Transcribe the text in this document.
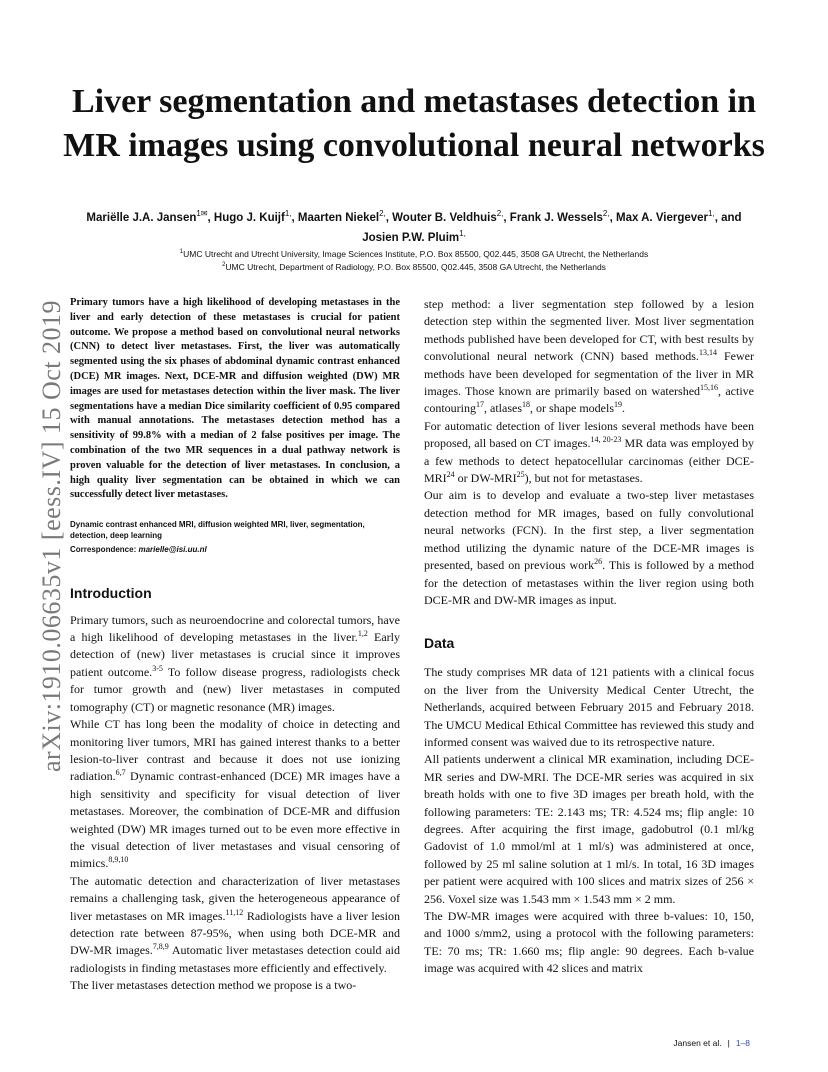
arXiv:1910.06635v1 [eess.IV] 15 Oct 2019
Liver segmentation and metastases detection in MR images using convolutional neural networks
Mariëlle J.A. Jansen$^{1✉}$, Hugo J. Kuijf$^{1,}$, Maarten Niekel$^{2,}$, Wouter B. Veldhuis$^{2,}$, Frank J. Wessels$^{2,}$, Max A. Viergever$^{1,}$, and
Josien P.W. Pluim$^{1,}$
$^1$UMC Utrecht and Utrecht University, Image Sciences Institute, P.O. Box 85500, Q02.445, 3508 GA Utrecht, the Netherlands
$^2$UMC Utrecht, Department of Radiology, P.O. Box 85500, Q02.445, 3508 GA Utrecht, the Netherlands

Primary tumors have a high likelihood of developing metastases in the liver and early detection of these metastases is crucial for patient outcome. We propose a method based on convolutional neural networks (CNN) to detect liver metastases. First, the liver was automatically segmented using the six phases of abdominal dynamic contrast enhanced (DCE) MR images. Next, DCE-MR and diffusion weighted (DW) MR images are used for metastases detection within the liver mask. The liver segmentations have a median Dice similarity coefficient of 0.95 compared with manual annotations. The metastases detection method has a sensitivity of 99.8% with a median of 2 false positives per image. The combination of the two MR sequences in a dual pathway network is proven valuable for the detection of liver metastases. In conclusion, a high quality liver segmentation can be obtained in which we can successfully detect liver metastases.

Dynamic contrast enhanced MRI, diffusion weighted MRI, liver, segmentation, detection, deep learning

Correspondence: marielle@isi.uu.nl

Introduction

Primary tumors, such as neuroendocrine and colorectal tumors, have a high likelihood of developing metastases in the liver.$^{1,2}$ Early detection of (new) liver metastases is crucial since it improves patient outcome.$^{3-5}$ To follow disease progress, radiologists check for tumor growth and (new) liver metastases in computed tomography (CT) or magnetic resonance (MR) images.

While CT has long been the modality of choice in detecting and monitoring liver tumors, MRI has gained interest thanks to a better lesion-to-liver contrast and because it does not use ionizing radiation.$^{6,7}$ Dynamic contrast-enhanced (DCE) MR images have a high sensitivity and specificity for visual detection of liver metastases. Moreover, the combination of DCE-MR and diffusion weighted (DW) MR images turned out to be even more effective in the visual detection of liver metastases and visual censoring of mimics.$^{8,9,10}$

The automatic detection and characterization of liver metastases remains a challenging task, given the heterogeneous appearance of liver metastases on MR images.$^{11,12}$ Radiologists have a liver lesion detection rate between 87-95%, when using both DCE-MR and DW-MR images.$^{7,8,9}$ Automatic liver metastases detection could aid radiologists in finding metastases more efficiently and effectively.

The liver metastases detection method we propose is a two-

step method: a liver segmentation step followed by a lesion detection step within the segmented liver. Most liver segmentation methods published have been developed for CT, with best results by convolutional neural network (CNN) based methods.$^{13,14}$ Fewer methods have been developed for segmentation of the liver in MR images. Those known are primarily based on watershed$^{15,16}$, active contouring$^{17}$, atlases$^{18}$, or shape models$^{19}$.

For automatic detection of liver lesions several methods have been proposed, all based on CT images.$^{14, 20-23}$ MR data was employed by a few methods to detect hepatocellular carcinomas (either DCE-MRI$^{24}$ or DW-MRI$^{25}$), but not for metastases.

Our aim is to develop and evaluate a two-step liver metastases detection method for MR images, based on fully convolutional neural networks (FCN). In the first step, a liver segmentation method utilizing the dynamic nature of the DCE-MR images is presented, based on previous work$^{26}$. This is followed by a method for the detection of metastases within the liver region using both DCE-MR and DW-MR images as input.

Data

The study comprises MR data of 121 patients with a clinical focus on the liver from the University Medical Center Utrecht, the Netherlands, acquired between February 2015 and February 2018. The UMCU Medical Ethical Committee has reviewed this study and informed consent was waived due to its retrospective nature.

All patients underwent a clinical MR examination, including DCE-MR series and DW-MRI. The DCE-MR series was acquired in six breath holds with one to five 3D images per breath hold, with the following parameters: TE: 2.143 ms; TR: 4.524 ms; flip angle: 10 degrees. After acquiring the first image, gadobutrol (0.1 ml/kg Gadovist of 1.0 mmol/ml at 1 ml/s) was administered at once, followed by 25 ml saline solution at 1 ml/s. In total, 16 3D images per patient were acquired with 100 slices and matrix sizes of 256 × 256. Voxel size was 1.543 mm × 1.543 mm × 2 mm.

The DW-MR images were acquired with three b-values: 10, 150, and 1000 s/mm2, using a protocol with the following parameters: TE: 70 ms; TR: 1.660 ms; flip angle: 90 degrees. Each b-value image was acquired with 42 slices and matrix

Jansen et al. | 1–8
